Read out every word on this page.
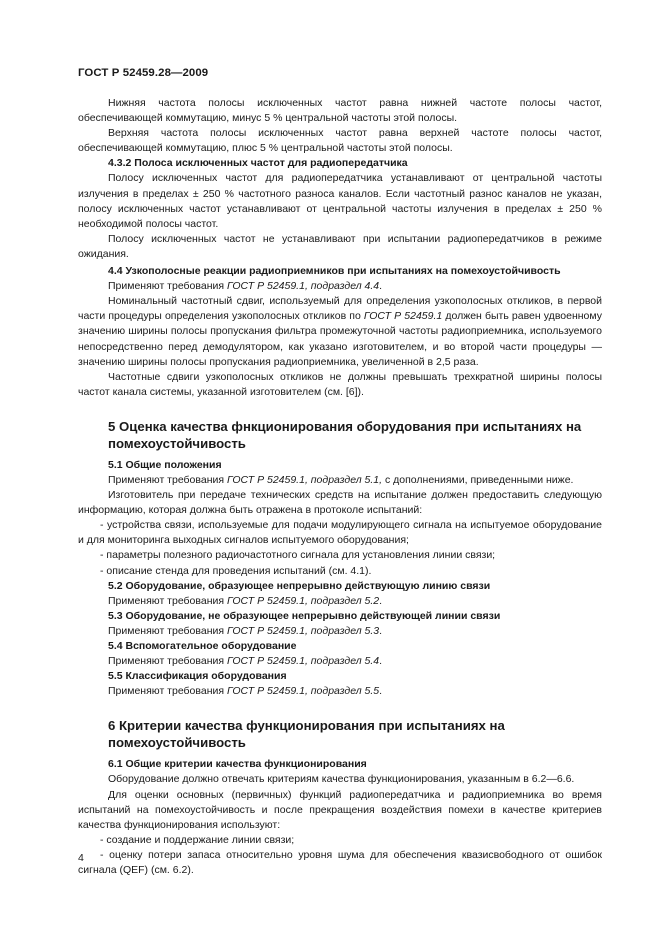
ГОСТ Р 52459.28—2009

Нижняя частота полосы исключенных частот равна нижней частоте полосы частот, обеспечивающей коммутацию, минус 5 % центральной частоты этой полосы.

Верхняя частота полосы исключенных частот равна верхней частоте полосы частот, обеспечивающей коммутацию, плюс 5 % центральной частоты этой полосы.

4.3.2 Полоса исключенных частот для радиопередатчика

Полосу исключенных частот для радиопередатчика устанавливают от центральной частоты излучения в пределах ± 250 % частотного разноса каналов. Если частотный разнос каналов не указан, полосу исключенных частот устанавливают от центральной частоты излучения в пределах ± 250 % необходимой полосы частот.

Полосу исключенных частот не устанавливают при испытании радиопередатчиков в режиме ожидания.

4.4 Узкополосные реакции радиоприемников при испытаниях на помехоустойчивость

Применяют требования ГОСТ Р 52459.1, подраздел 4.4.

Номинальный частотный сдвиг, используемый для определения узкополосных откликов, в первой части процедуры определения узкополосных откликов по ГОСТ Р 52459.1 должен быть равен удвоенному значению ширины полосы пропускания фильтра промежуточной частоты радиоприемника, используемого непосредственно перед демодулятором, как указано изготовителем, и во второй части процедуры — значению ширины полосы пропускания радиоприемника, увеличенной в 2,5 раза.

Частотные сдвиги узкополосных откликов не должны превышать трехкратной ширины полосы частот канала системы, указанной изготовителем (см. [6]).

5 Оценка качества фнкционирования оборудования при испытаниях на помехоустойчивость

5.1 Общие положения

Применяют требования ГОСТ Р 52459.1, подраздел 5.1, с дополнениями, приведенными ниже.

Изготовитель при передаче технических средств на испытание должен предоставить следующую информацию, которая должна быть отражена в протоколе испытаний:

- устройства связи, используемые для подачи модулирующего сигнала на испытуемое оборудование и для мониторинга выходных сигналов испытуемого оборудования;

- параметры полезного радиочастотного сигнала для установления линии связи;

- описание стенда для проведения испытаний (см. 4.1).

5.2 Оборудование, образующее непрерывно действующую линию связи

Применяют требования ГОСТ Р 52459.1, подраздел 5.2.

5.3 Оборудование, не образующее непрерывно действующей линии связи

Применяют требования ГОСТ Р 52459.1, подраздел 5.3.

5.4 Вспомогательное оборудование

Применяют требования ГОСТ Р 52459.1, подраздел 5.4.

5.5 Классификация оборудования

Применяют требования ГОСТ Р 52459.1, подраздел 5.5.

6 Критерии качества функционирования при испытаниях на помехоустойчивость

6.1 Общие критерии качества функционирования

Оборудование должно отвечать критериям качества функционирования, указанным в 6.2—6.6.

Для оценки основных (первичных) функций радиопередатчика и радиоприемника во время испытаний на помехоустойчивость и после прекращения воздействия помехи в качестве критериев качества функционирования используют:

- создание и поддержание линии связи;

- оценку потери запаса относительно уровня шума для обеспечения квазисвободного от ошибок сигнала (QEF) (см. 6.2).

4
